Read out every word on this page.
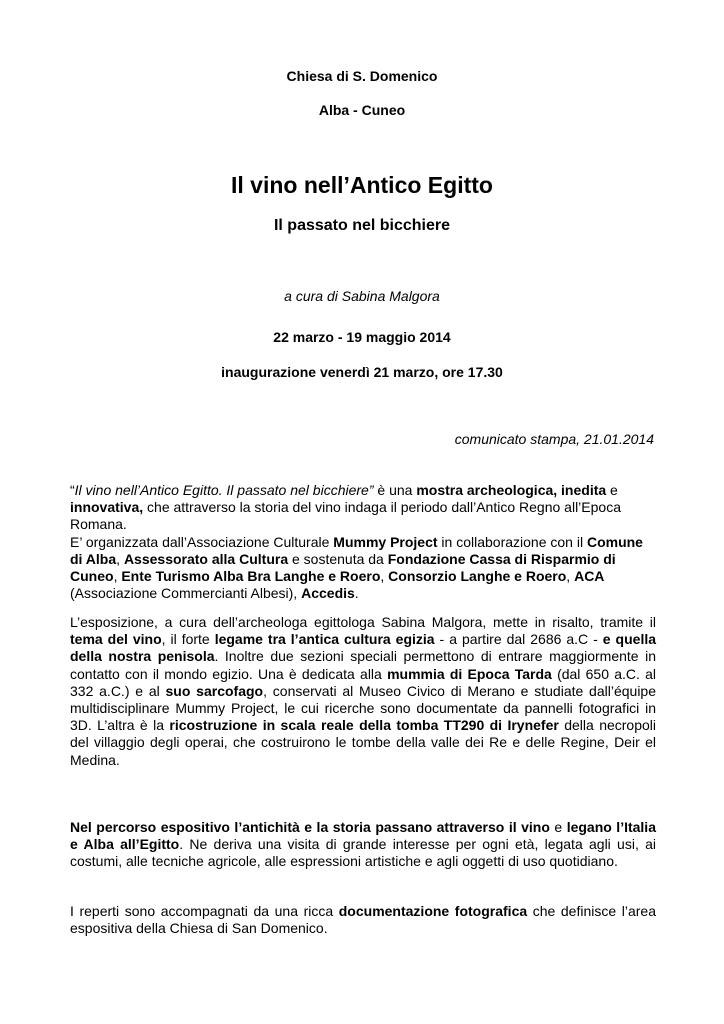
Chiesa di S. Domenico
Alba - Cuneo
Il vino nell’Antico Egitto
Il passato nel bicchiere
a cura di Sabina Malgora
22 marzo - 19 maggio 2014
inaugurazione venerdì 21 marzo, ore 17.30
comunicato stampa, 21.01.2014
“Il vino nell’Antico Egitto. Il passato nel bicchiere” è una mostra archeologica, inedita e innovativa, che attraverso la storia del vino indaga il periodo dall’Antico Regno all’Epoca Romana.
E’ organizzata dall’Associazione Culturale Mummy Project in collaborazione con il Comune di Alba, Assessorato alla Cultura e sostenuta da Fondazione Cassa di Risparmio di Cuneo, Ente Turismo Alba Bra Langhe e Roero, Consorzio Langhe e Roero, ACA (Associazione Commercianti Albesi), Accedis.
L’esposizione, a cura dell’archeologa egittologa Sabina Malgora, mette in risalto, tramite il tema del vino, il forte legame tra l’antica cultura egizia - a partire dal 2686 a.C - e quella della nostra penisola. Inoltre due sezioni speciali permettono di entrare maggiormente in contatto con il mondo egizio. Una è dedicata alla mummia di Epoca Tarda (dal 650 a.C. al 332 a.C.) e al suo sarcofago, conservati al Museo Civico di Merano e studiate dall’équipe multidisciplinare Mummy Project, le cui ricerche sono documentate da pannelli fotografici in 3D. L’altra è la ricostruzione in scala reale della tomba TT290 di Irynefer della necropoli del villaggio degli operai, che costruirono le tombe della valle dei Re e delle Regine, Deir el Medina.
Nel percorso espositivo l’antichità e la storia passano attraverso il vino e legano l’Italia e Alba all’Egitto. Ne deriva una visita di grande interesse per ogni età, legata agli usi, ai costumi, alle tecniche agricole, alle espressioni artistiche e agli oggetti di uso quotidiano.
I reperti sono accompagnati da una ricca documentazione fotografica che definisce l’area espositiva della Chiesa di San Domenico.
